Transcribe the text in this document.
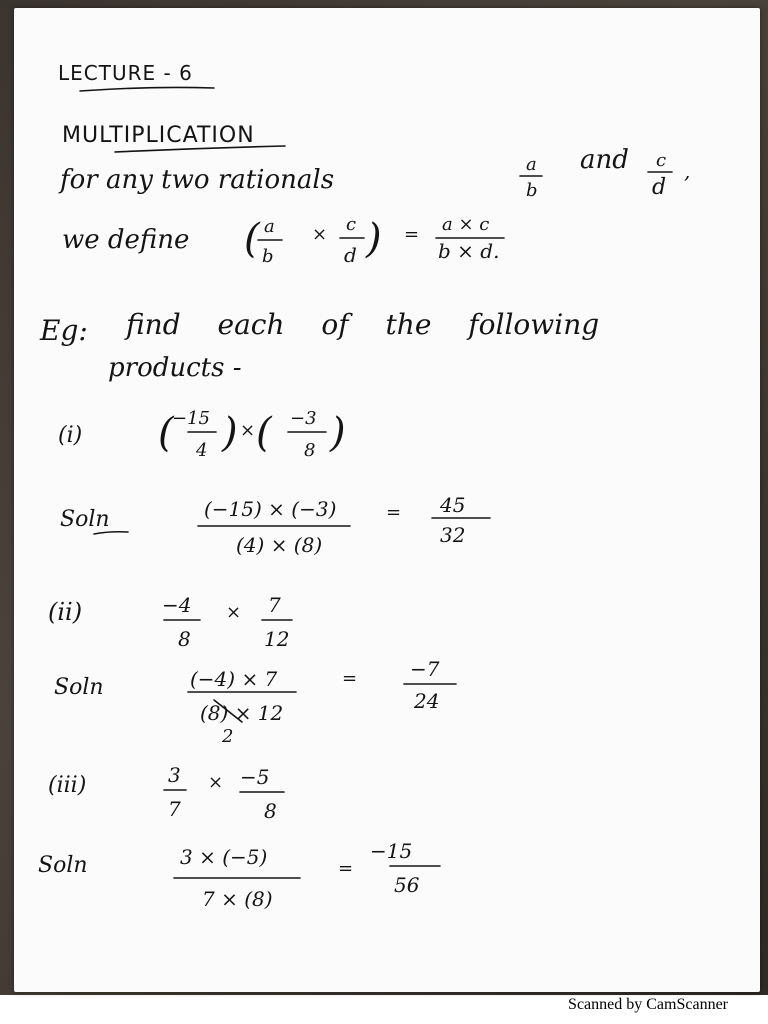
LECTURE - 6
MULTIPLICATION
for any two rationals
a
b
and c
d
,
we define ( a
b
× c
d ) = a × c
b × d.
Eg: find each of the following
products -
(i) (
−15
4 ) × ( −3
8 )
Soln	(−15) × (−3)
(4) × (8)
= 45
32
(ii)	−4
8
× 7
12
Soln	(−4) × 7
(8) × 12
2
=	−7
24
(iii)	3
7
× −5
8
Soln	3 × (−5)
7 × (8)
=
−15
56
Scanned by CamScanner
